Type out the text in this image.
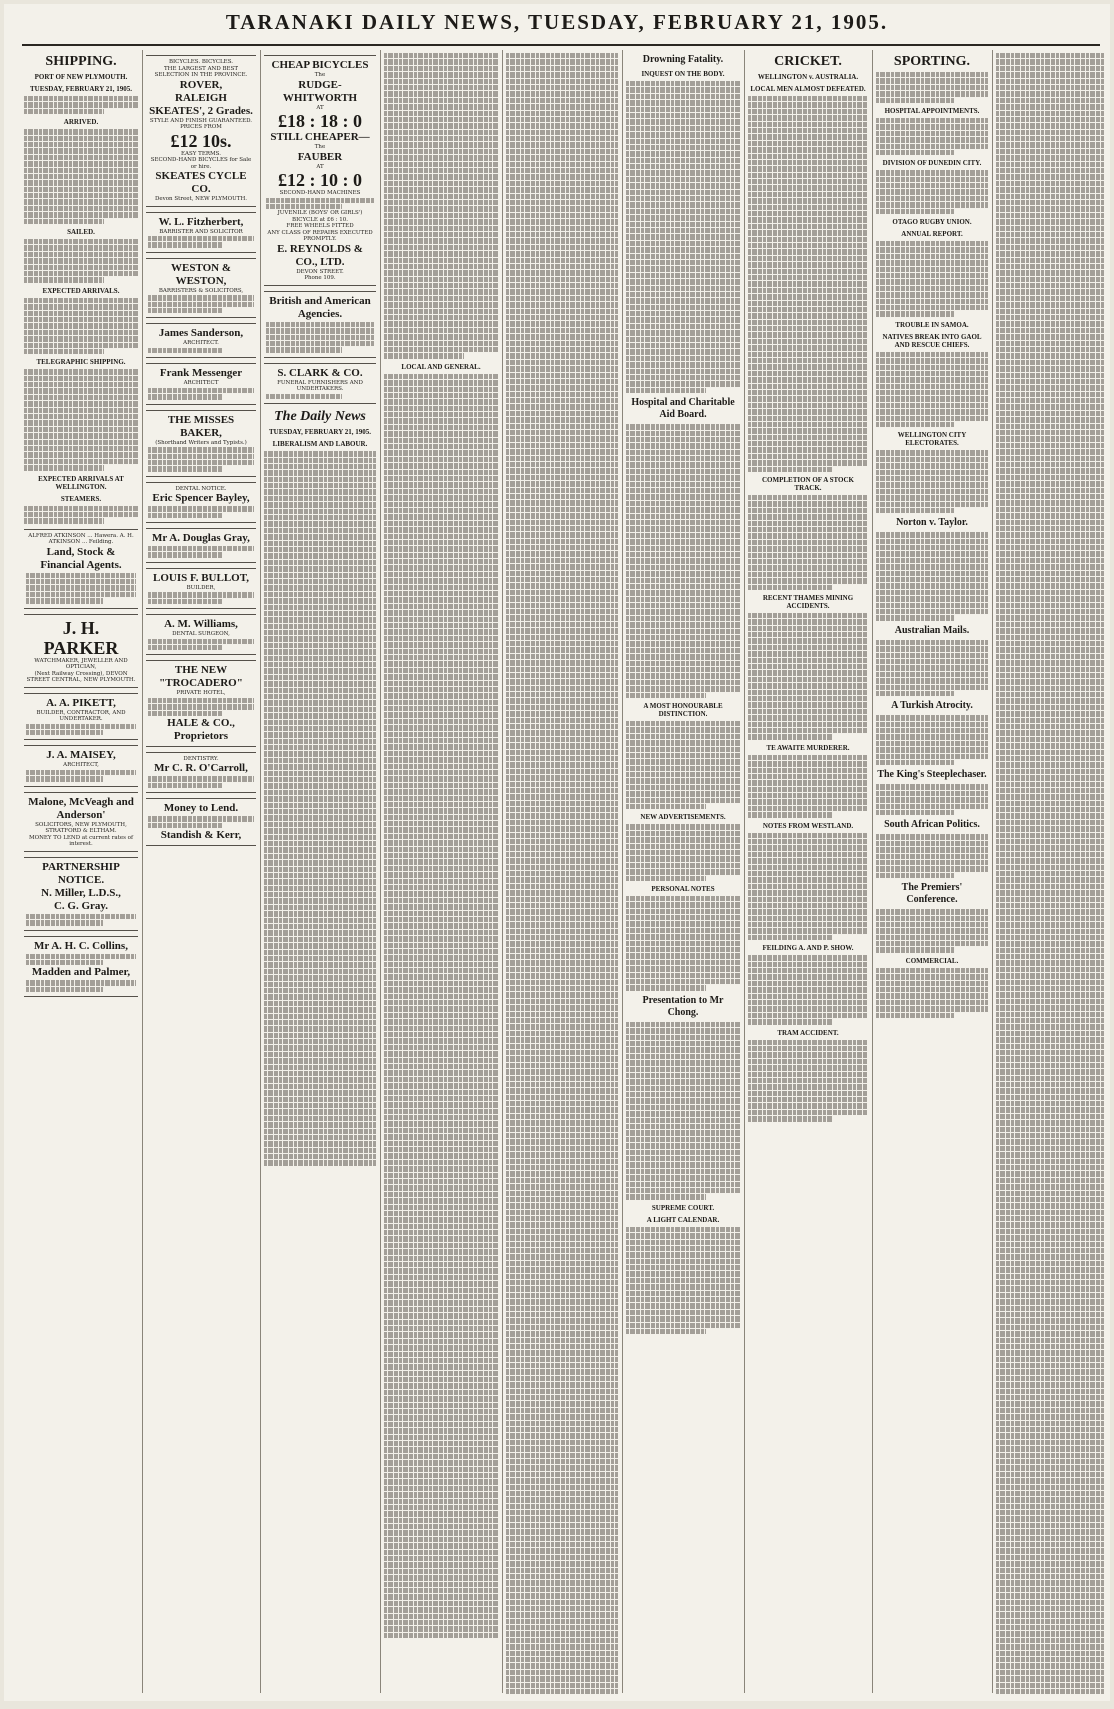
TARANAKI DAILY NEWS, TUESDAY, FEBRUARY 21, 1905.
SHIPPING.
PORT OF NEW PLYMOUTH.
TUESDAY, FEBRUARY 21, 1905.
ARRIVED.
SAILED.
EXPECTED ARRIVALS.
TELEGRAPHIC SHIPPING.
EXPECTED ARRIVALS AT WELLINGTON.
STEAMERS.
ALFRED ATKINSON ... Hawera. A. H. ATKINSON ... Feilding.
Land, Stock & Financial Agents.
J. H. PARKER
WATCHMAKER, JEWELLER AND OPTICIAN,
(Next Railway Crossing), DEVON STREET CENTRAL, NEW PLYMOUTH.
A. A. PIKETT,
BUILDER, CONTRACTOR, AND UNDERTAKER.
J. A. MAISEY,
ARCHITECT,
Malone, McVeagh and Anderson'
SOLICITORS, NEW PLYMOUTH, STRATFORD & ELTHAM.
MONEY TO LEND at current rates of interest.
PARTNERSHIP NOTICE.
N. Miller, L.D.S.,
C. G. Gray.
Mr A. H. C. Collins,
Madden and Palmer,
BICYCLES. BICYCLES.
THE LARGEST AND BEST SELECTION IN THE PROVINCE.
ROVER,
RALEIGH
SKEATES', 2 Grades.
STYLE AND FINISH GUARANTEED.
PRICES FROM
£12 10s.
EASY TERMS.
SECOND-HAND BICYCLES for Sale or hire.
SKEATES CYCLE CO.
Devon Street, NEW PLYMOUTH.
W. L. Fitzherbert,
BARRISTER AND SOLICITOR
WESTON & WESTON,
BARRISTERS & SOLICITORS,
James Sanderson,
ARCHITECT.
Frank Messenger
ARCHITECT
THE MISSES BAKER,
(Shorthand Writers and Typists.)
DENTAL NOTICE.
Eric Spencer Bayley,
Mr A. Douglas Gray,
LOUIS F. BULLOT,
BUILDER,
A. M. Williams,
DENTAL SURGEON,
THE NEW "TROCADERO"
PRIVATE HOTEL,
HALE & CO., Proprietors
DENTISTRY.
Mr C. R. O'Carroll,
Money to Lend.
Standish & Kerr,
CHEAP BICYCLES
The
RUDGE-WHITWORTH
AT
£18 : 18 : 0
STILL CHEAPER—
The
FAUBER
AT
£12 : 10 : 0
SECOND-HAND MACHINES
JUVENILE (BOYS' OR GIRLS') BICYCLE at £6 : 10.
FREE WHEELS FITTED
ANY CLASS OF REPAIRS EXECUTED PROMPTLY.
E. REYNOLDS & CO., LTD.
DEVON STREET.
Phone 109.
British and American Agencies.
S. CLARK & CO.
FUNERAL FURNISHERS AND UNDERTAKERS.
The Daily News
TUESDAY, FEBRUARY 21, 1905.
LIBERALISM AND LABOUR.
LOCAL AND GENERAL.
Drowning Fatality.
INQUEST ON THE BODY.
Hospital and Charitable Aid Board.
A MOST HONOURABLE DISTINCTION.
NEW ADVERTISEMENTS.
PERSONAL NOTES
Presentation to Mr Chong.
SUPREME COURT.
A LIGHT CALENDAR.
CRICKET.
WELLINGTON v. AUSTRALIA.
LOCAL MEN ALMOST DEFEATED.
COMPLETION OF A STOCK TRACK.
RECENT THAMES MINING ACCIDENTS.
TE AWAITE MURDERER.
NOTES FROM WESTLAND.
FEILDING A. AND P. SHOW.
TRAM ACCIDENT.
SPORTING.
HOSPITAL APPOINTMENTS.
DIVISION OF DUNEDIN CITY.
OTAGO RUGBY UNION.
ANNUAL REPORT.
TROUBLE IN SAMOA.
NATIVES BREAK INTO GAOL AND RESCUE CHIEFS.
WELLINGTON CITY ELECTORATES.
Norton v. Taylor.
Australian Mails.
A Turkish Atrocity.
The King's Steeplechaser.
South African Politics.
The Premiers' Conference.
COMMERCIAL.
